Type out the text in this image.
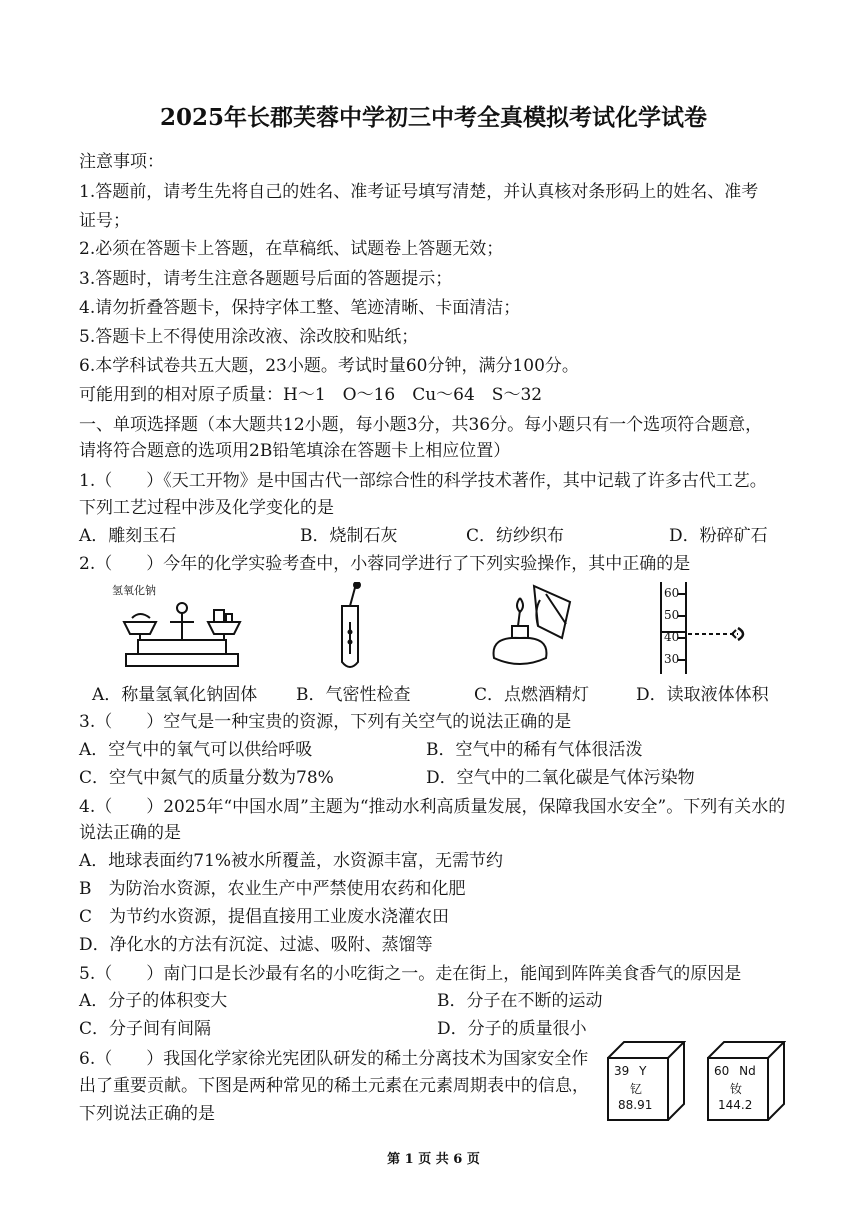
2025年长郡芙蓉中学初三中考全真模拟考试化学试卷
注意事项：
1.答题前，请考生先将自己的姓名、准考证号填写清楚，并认真核对条形码上的姓名、准考
证号；
2.必须在答题卡上答题，在草稿纸、试题卷上答题无效；
3.答题时，请考生注意各题题号后面的答题提示；
4.请勿折叠答题卡，保持字体工整、笔迹清晰、卡面清洁；
5.答题卡上不得使用涂改液、涂改胶和贴纸；
6.本学科试卷共五大题，23小题。考试时量60分钟，满分100分。
可能用到的相对原子质量：H～1　O～16　Cu～64　S～32
一、单项选择题（本大题共12小题，每小题3分，共36分。每小题只有一个选项符合题意，
请将符合题意的选项用2B铅笔填涂在答题卡上相应位置）
1.（　　）《天工开物》是中国古代一部综合性的科学技术著作，其中记载了许多古代工艺。
下列工艺过程中涉及化学变化的是
A．雕刻玉石	B．烧制石灰	C．纺纱织布	D．粉碎矿石
2.（　　）今年的化学实验考查中，小蓉同学进行了下列实验操作，其中正确的是
氢氧化钠	60
50
40
30
A．称量氢氧化钠固体 B．气密性检查	C．点燃酒精灯	D．读取液体体积
3.（　　）空气是一种宝贵的资源，下列有关空气的说法正确的是
A．空气中的氧气可以供给呼吸	B．空气中的稀有气体很活泼
C．空气中氮气的质量分数为78%	D．空气中的二氧化碳是气体污染物
4.（　　）2025年“中国水周”主题为“推动水利高质量发展，保障我国水安全”。下列有关水的
说法正确的是
A．地球表面约71%被水所覆盖，水资源丰富，无需节约
B　为防治水资源，农业生产中严禁使用农药和化肥
C　为节约水资源，提倡直接用工业废水浇灌农田
D．净化水的方法有沉淀、过滤、吸附、蒸馏等
5.（　　）南门口是长沙最有名的小吃街之一。走在街上，能闻到阵阵美食香气的原因是
A．分子的体积变大	B．分子在不断的运动
C．分子间有间隔	D．分子的质量很小
6.（　　）我国化学家徐光宪团队研发的稀土分离技术为国家安全作
出了重要贡献。下图是两种常见的稀土元素在元素周期表中的信息，
下列说法正确的是
39 Y
钇
88.91
60 Nd
钕
144.2
第 1 页 共 6 页
